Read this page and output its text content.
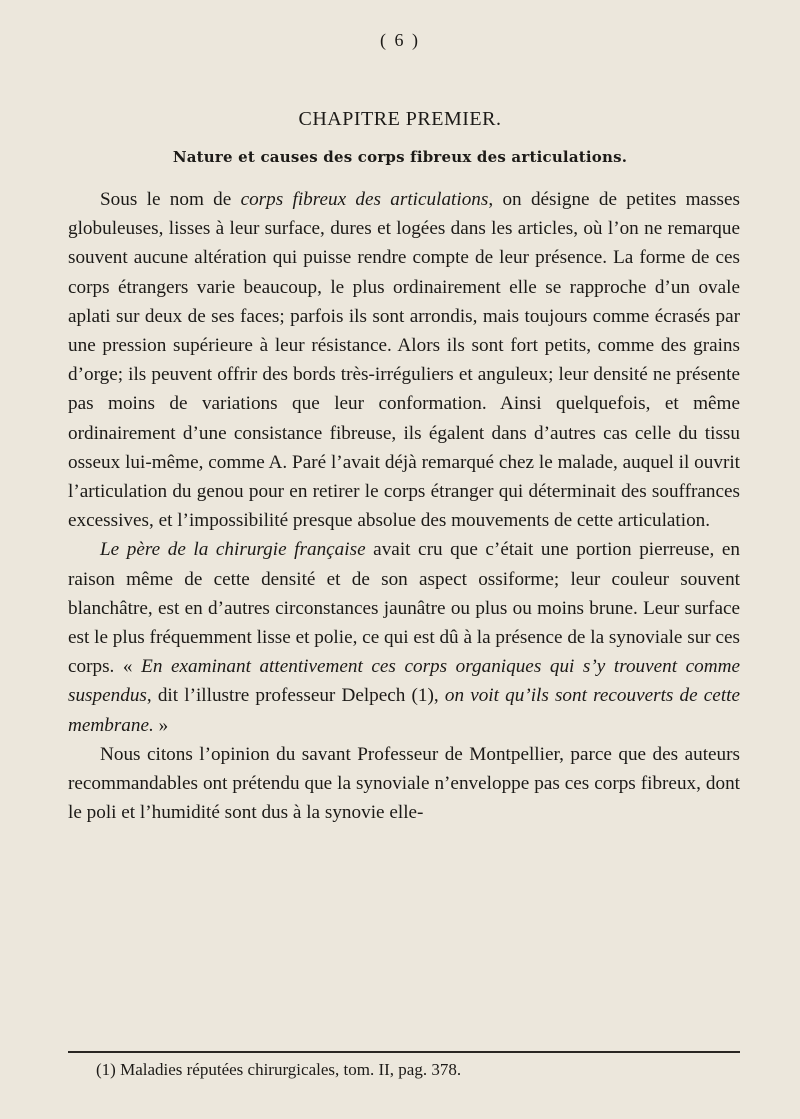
( 6 )
CHAPITRE PREMIER.
Nature et causes des corps fibreux des articulations.

Sous le nom de corps fibreux des articulations, on désigne de petites masses globuleuses, lisses à leur surface, dures et logées dans les articles, où l’on ne remarque souvent aucune altération qui puisse rendre compte de leur présence. La forme de ces corps étrangers varie beaucoup, le plus ordinairement elle se rapproche d’un ovale aplati sur deux de ses faces; parfois ils sont arrondis, mais toujours comme écrasés par une pression supérieure à leur résistance. Alors ils sont fort petits, comme des grains d’orge; ils peuvent offrir des bords très-irréguliers et anguleux; leur densité ne présente pas moins de variations que leur conformation. Ainsi quelquefois, et même ordinairement d’une consistance fibreuse, ils égalent dans d’autres cas celle du tissu osseux lui-même, comme A. Paré l’avait déjà remarqué chez le malade, auquel il ouvrit l’articulation du genou pour en retirer le corps étranger qui déterminait des souffrances excessives, et l’impossibilité presque absolue des mouvements de cette articulation.

Le père de la chirurgie française avait cru que c’était une portion pierreuse, en raison même de cette densité et de son aspect ossiforme; leur couleur souvent blanchâtre, est en d’autres circonstances jaunâtre ou plus ou moins brune. Leur surface est le plus fréquemment lisse et polie, ce qui est dû à la présence de la synoviale sur ces corps. « En examinant attentivement ces corps organiques qui s’y trouvent comme suspendus, dit l’illustre professeur Delpech (1), on voit qu’ils sont recouverts de cette membrane. »

Nous citons l’opinion du savant Professeur de Montpellier, parce que des auteurs recommandables ont prétendu que la synoviale n’enveloppe pas ces corps fibreux, dont le poli et l’humidité sont dus à la synovie elle-

(1) Maladies réputées chirurgicales, tom. II, pag. 378.
